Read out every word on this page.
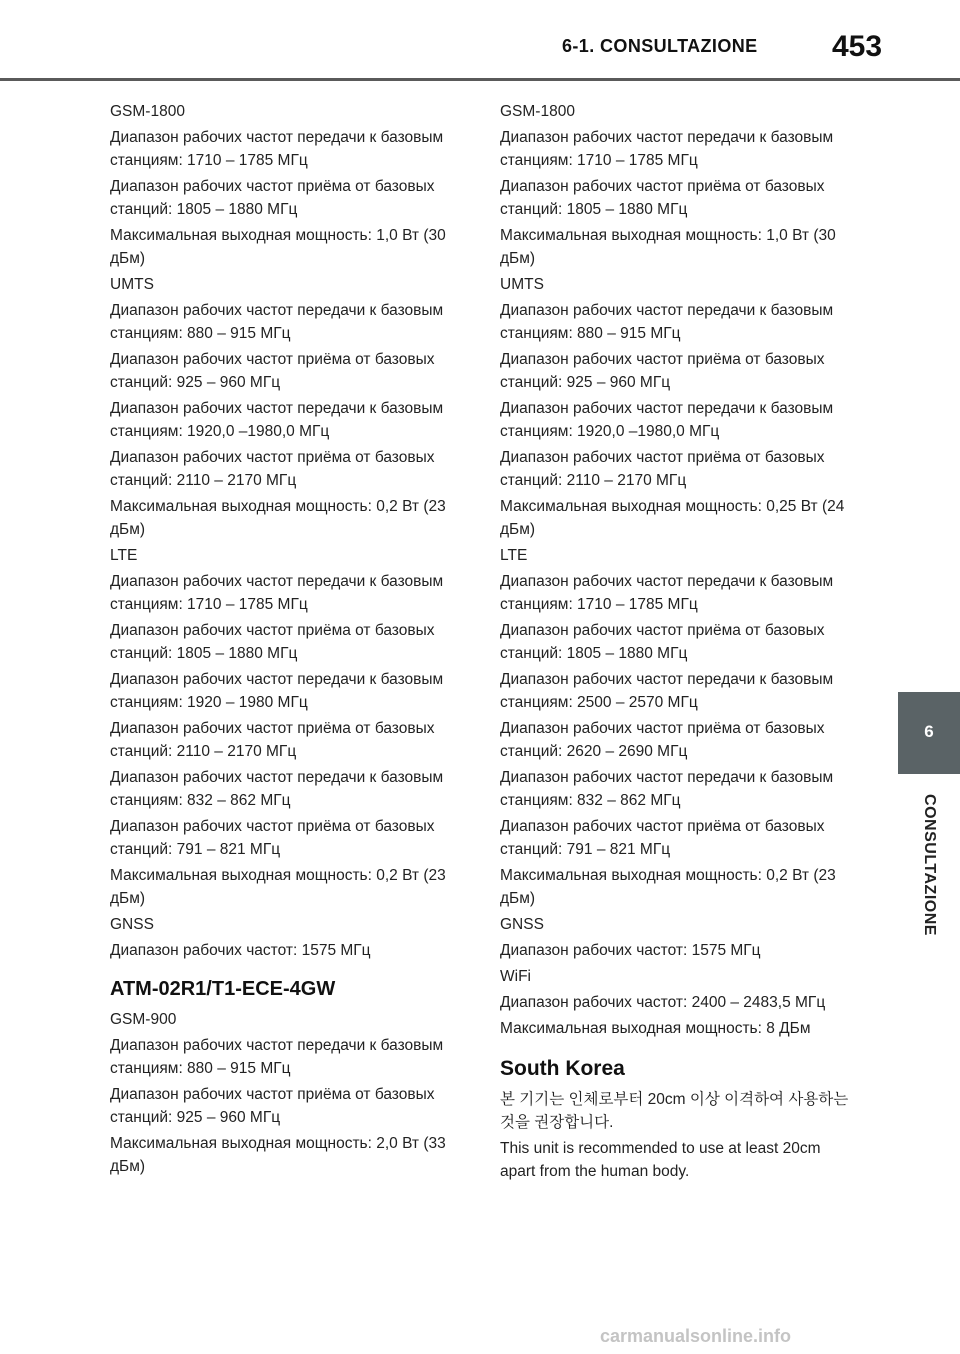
6-1. CONSULTAZIONE 453
GSM-1800
Диапазон рабочих частот передачи к базовым станциям: 1710 – 1785 МГц
Диапазон рабочих частот приёма от базовых станций: 1805 – 1880 МГц
Максимальная выходная мощность: 1,0 Вт (30 дБм)
UMTS
Диапазон рабочих частот передачи к базовым станциям: 880 – 915 МГц
Диапазон рабочих частот приёма от базовых станций: 925 – 960 МГц
Диапазон рабочих частот передачи к базовым станциям: 1920,0 –1980,0 МГц
Диапазон рабочих частот приёма от базовых станций: 2110 – 2170 МГц
Максимальная выходная мощность: 0,2 Вт (23 дБм)
LTE
Диапазон рабочих частот передачи к базовым станциям: 1710 – 1785 МГц
Диапазон рабочих частот приёма от базовых станций: 1805 – 1880 МГц
Диапазон рабочих частот передачи к базовым станциям: 1920 – 1980 МГц
Диапазон рабочих частот приёма от базовых станций: 2110 – 2170 МГц
Диапазон рабочих частот передачи к базовым станциям: 832 – 862 МГц
Диапазон рабочих частот приёма от базовых станций: 791 – 821 МГц
Максимальная выходная мощность: 0,2 Вт (23 дБм)
GNSS
Диапазон рабочих частот: 1575 МГц
ATM-02R1/T1-ECE-4GW
GSM-900
Диапазон рабочих частот передачи к базовым станциям: 880 – 915 МГц
Диапазон рабочих частот приёма от базовых станций: 925 – 960 МГц
Максимальная выходная мощность: 2,0 Вт (33 дБм)
GSM-1800
Диапазон рабочих частот передачи к базовым станциям: 1710 – 1785 МГц
Диапазон рабочих частот приёма от базовых станций: 1805 – 1880 МГц
Максимальная выходная мощность: 1,0 Вт (30 дБм)
UMTS
Диапазон рабочих частот передачи к базовым станциям: 880 – 915 МГц
Диапазон рабочих частот приёма от базовых станций: 925 – 960 МГц
Диапазон рабочих частот передачи к базовым станциям: 1920,0 –1980,0 МГц
Диапазон рабочих частот приёма от базовых станций: 2110 – 2170 МГц
Максимальная выходная мощность: 0,25 Вт (24 дБм)
LTE
Диапазон рабочих частот передачи к базовым станциям: 1710 – 1785 МГц
Диапазон рабочих частот приёма от базовых станций: 1805 – 1880 МГц
Диапазон рабочих частот передачи к базовым станциям: 2500 – 2570 МГц
Диапазон рабочих частот приёма от базовых станций: 2620 – 2690 МГц
Диапазон рабочих частот передачи к базовым станциям: 832 – 862 МГц
Диапазон рабочих частот приёма от базовых станций: 791 – 821 МГц
Максимальная выходная мощность: 0,2 Вт (23 дБм)
GNSS
Диапазон рабочих частот: 1575 МГц
WiFi
Диапазон рабочих частот: 2400 – 2483,5 МГц
Максимальная выходная мощность: 8 ДБм
South Korea
본 기기는 인체로부터 20cm 이상 이격하여 사용하는 것을 권장합니다.
This unit is recommended to use at least 20cm apart from the human body.
6
CONSULTAZIONE
carmanualsonline.info
